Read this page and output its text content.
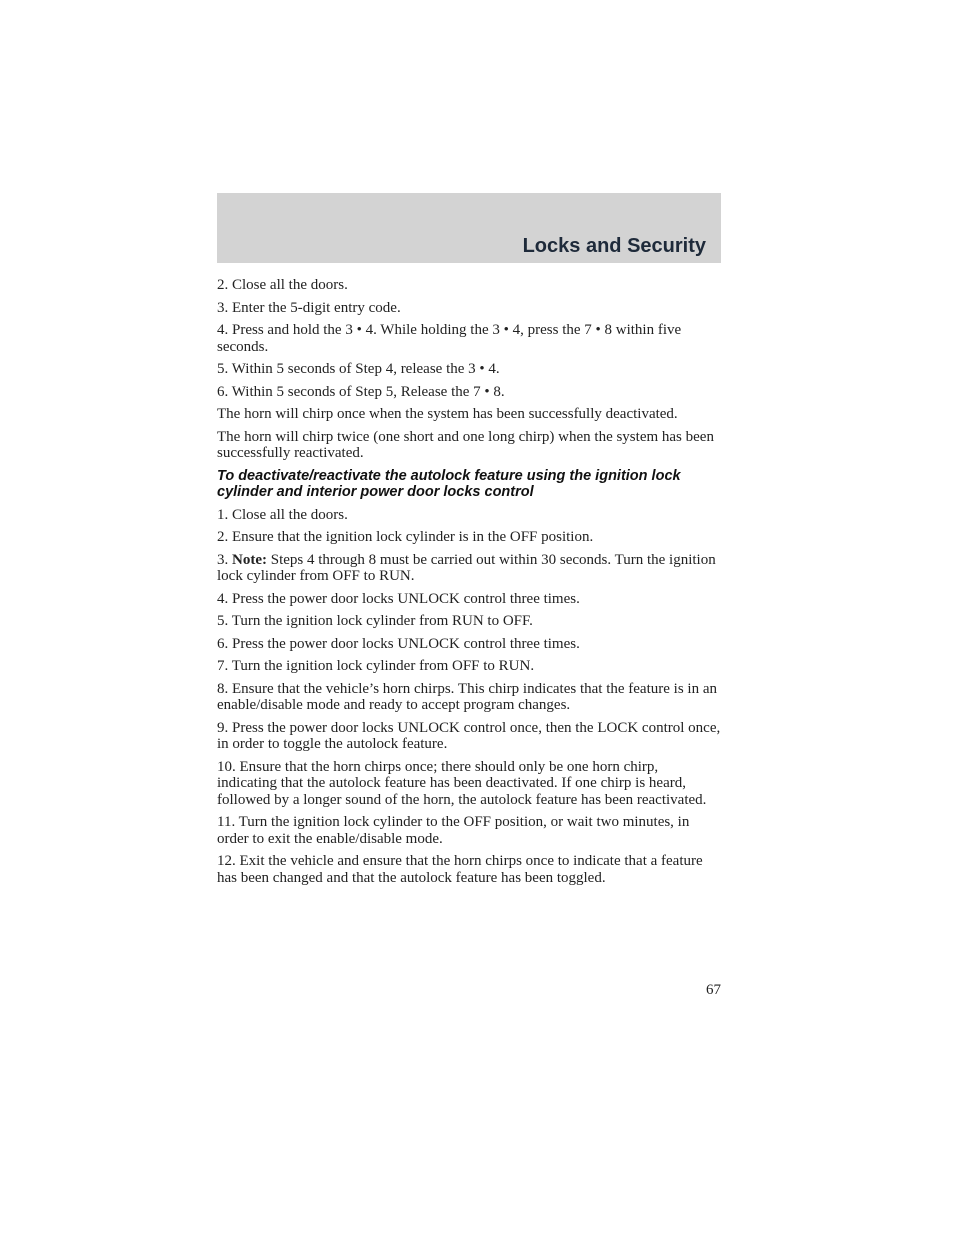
Locks and Security

2. Close all the doors.

3. Enter the 5-digit entry code.

4. Press and hold the 3 • 4. While holding the 3 • 4, press the 7 • 8 within five seconds.

5. Within 5 seconds of Step 4, release the 3 • 4.

6. Within 5 seconds of Step 5, Release the 7 • 8.

The horn will chirp once when the system has been successfully deactivated.

The horn will chirp twice (one short and one long chirp) when the system has been successfully reactivated.

To deactivate/reactivate the autolock feature using the ignition lock cylinder and interior power door locks control

1. Close all the doors.

2. Ensure that the ignition lock cylinder is in the OFF position.

3. Note: Steps 4 through 8 must be carried out within 30 seconds. Turn the ignition lock cylinder from OFF to RUN.

4. Press the power door locks UNLOCK control three times.

5. Turn the ignition lock cylinder from RUN to OFF.

6. Press the power door locks UNLOCK control three times.

7. Turn the ignition lock cylinder from OFF to RUN.

8. Ensure that the vehicle’s horn chirps. This chirp indicates that the feature is in an enable/disable mode and ready to accept program changes.

9. Press the power door locks UNLOCK control once, then the LOCK control once, in order to toggle the autolock feature.

10. Ensure that the horn chirps once; there should only be one horn chirp, indicating that the autolock feature has been deactivated. If one chirp is heard, followed by a longer sound of the horn, the autolock feature has been reactivated.

11. Turn the ignition lock cylinder to the OFF position, or wait two minutes, in order to exit the enable/disable mode.

12. Exit the vehicle and ensure that the horn chirps once to indicate that a feature has been changed and that the autolock feature has been toggled.

67
